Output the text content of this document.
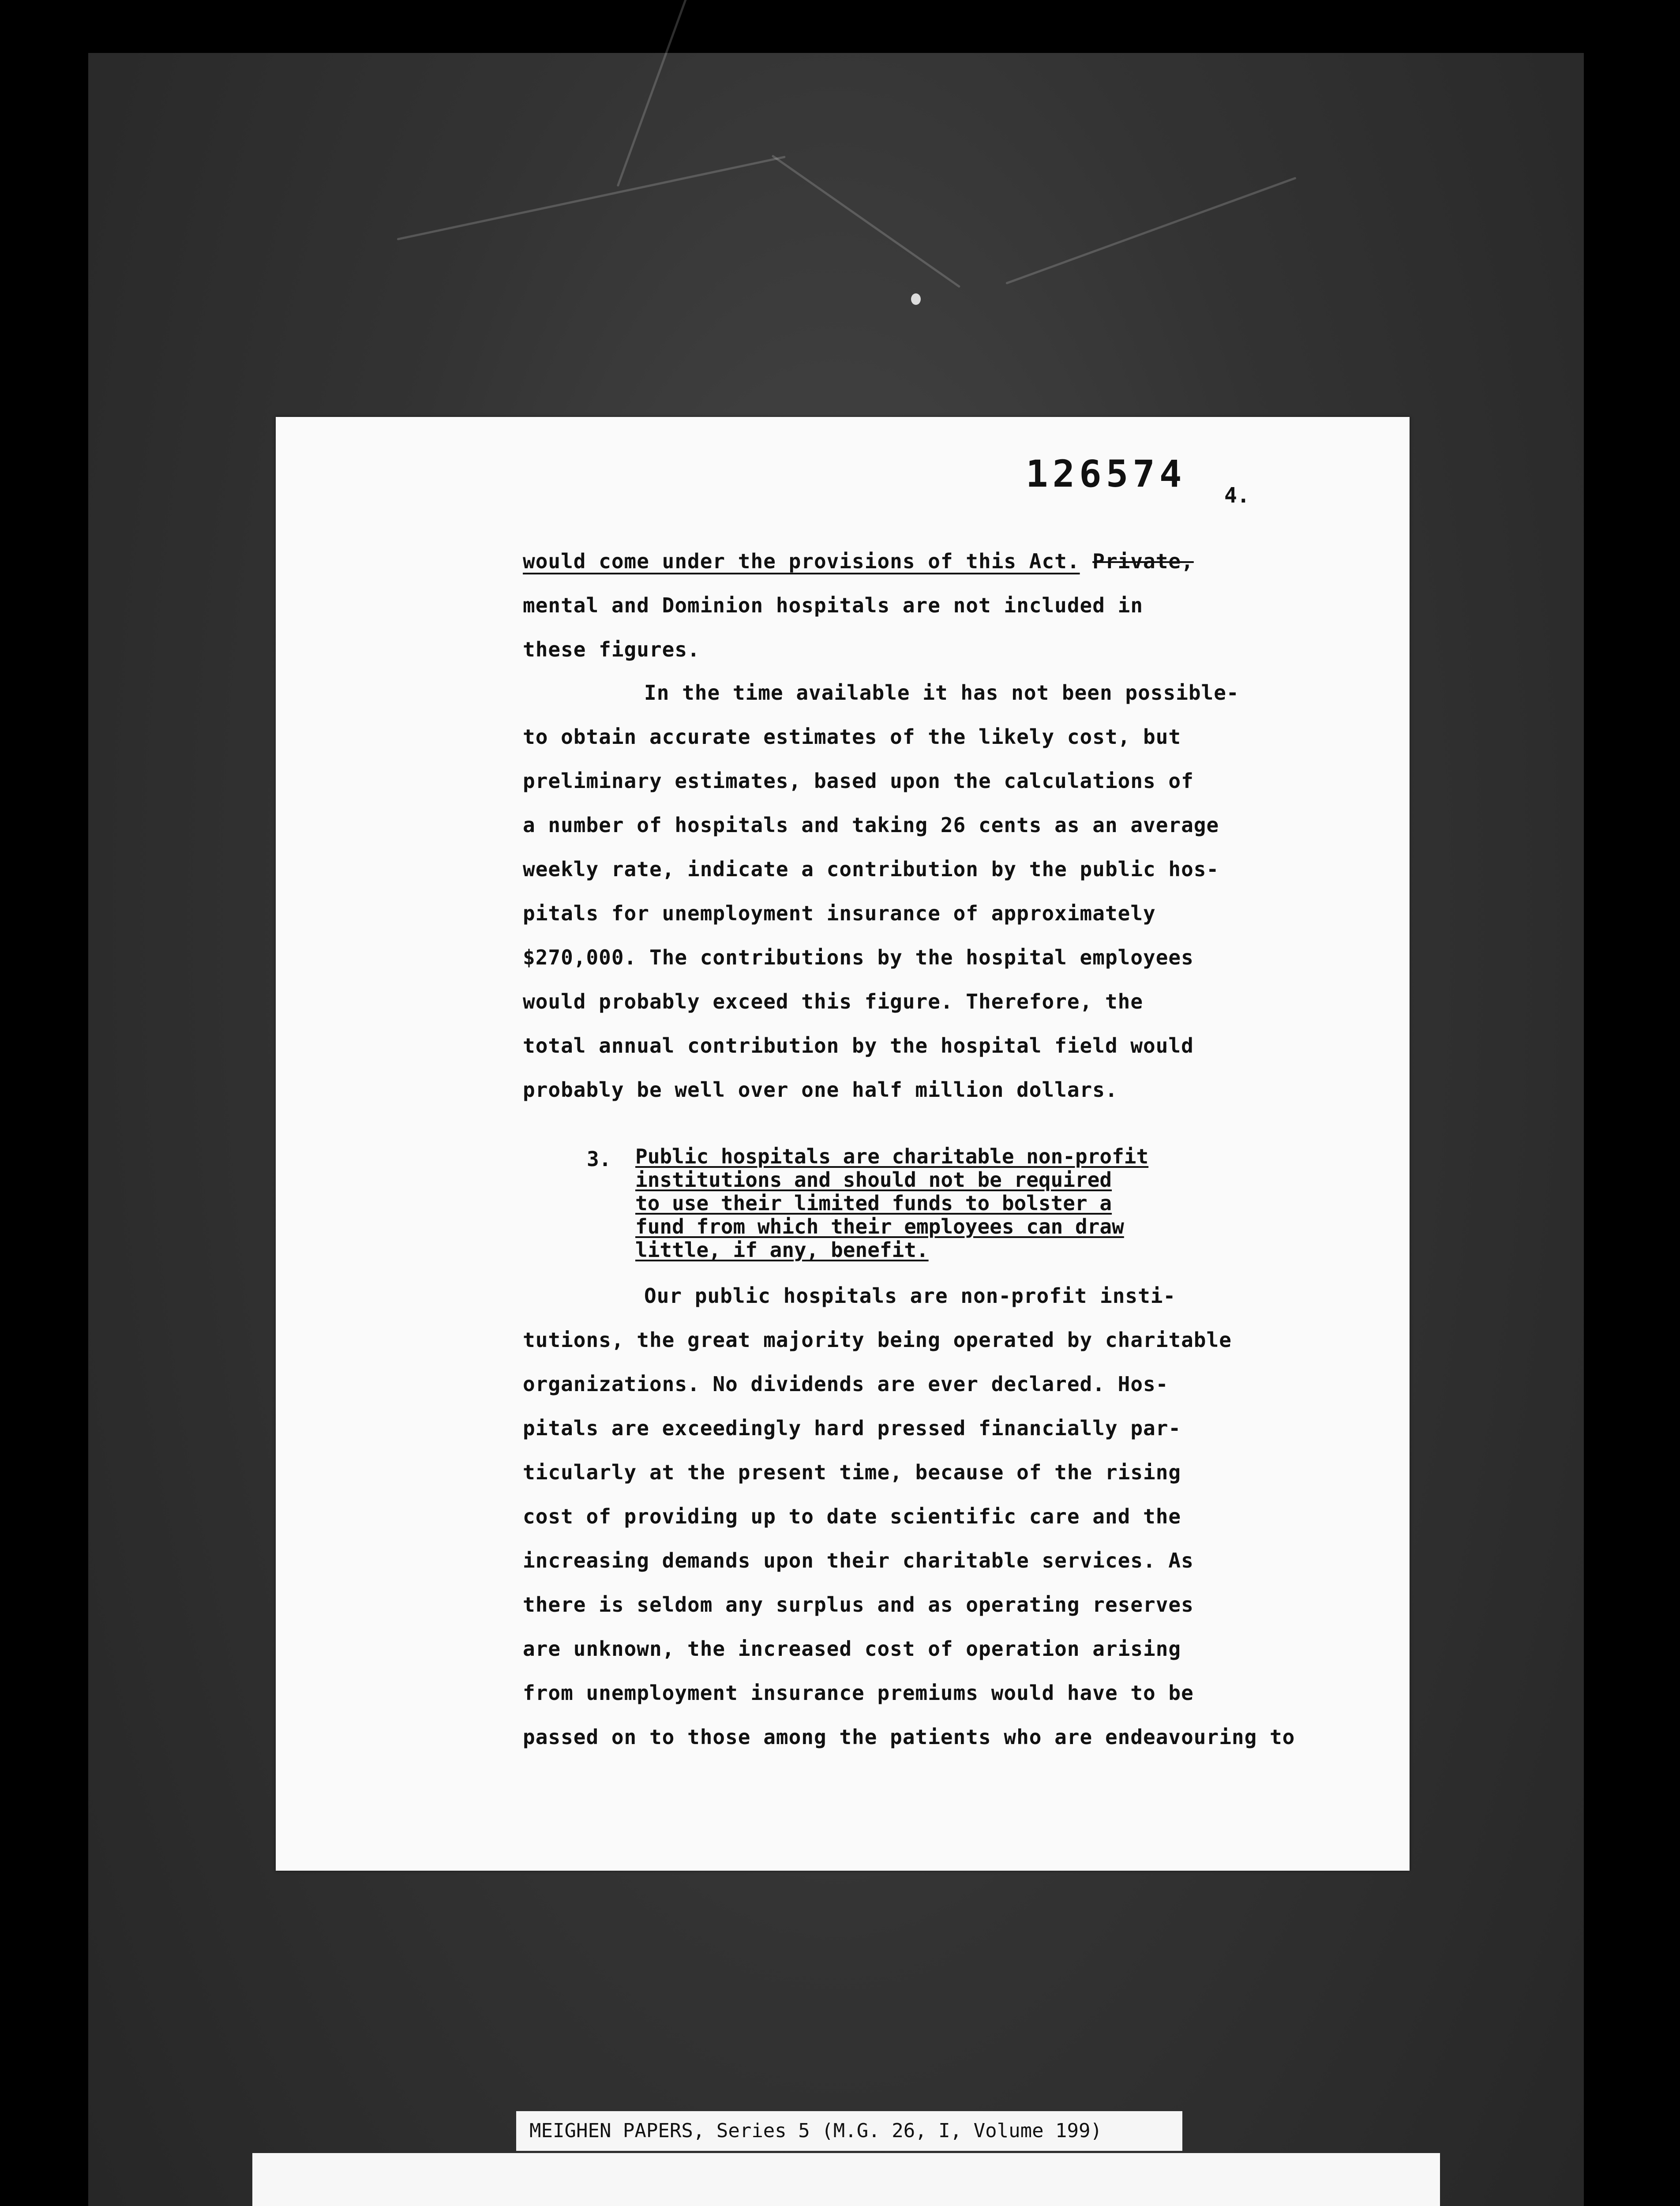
126574 4.
would come under the provisions of this Act. Private,
mental and Dominion hospitals are not included in
these figures.
In the time available it has not been possible-
to obtain accurate estimates of the likely cost, but
preliminary estimates, based upon the calculations of
a number of hospitals and taking 26 cents as an average
weekly rate, indicate a contribution by the public hos-
pitals for unemployment insurance of approximately
$270,000. The contributions by the hospital employees
would probably exceed this figure. Therefore, the
total annual contribution by the hospital field would
probably be well over one half million dollars.
3. Public hospitals are charitable non-profit
institutions and should not be required
to use their limited funds to bolster a
fund from which their employees can draw
little, if any, benefit.
Our public hospitals are non-profit insti-
tutions, the great majority being operated by charitable
organizations. No dividends are ever declared. Hos-
pitals are exceedingly hard pressed financially par-
ticularly at the present time, because of the rising
cost of providing up to date scientific care and the
increasing demands upon their charitable services. As
there is seldom any surplus and as operating reserves
are unknown, the increased cost of operation arising
from unemployment insurance premiums would have to be
passed on to those among the patients who are endeavouring to
MEIGHEN PAPERS, Series 5 (M.G. 26, I, Volume 199)
